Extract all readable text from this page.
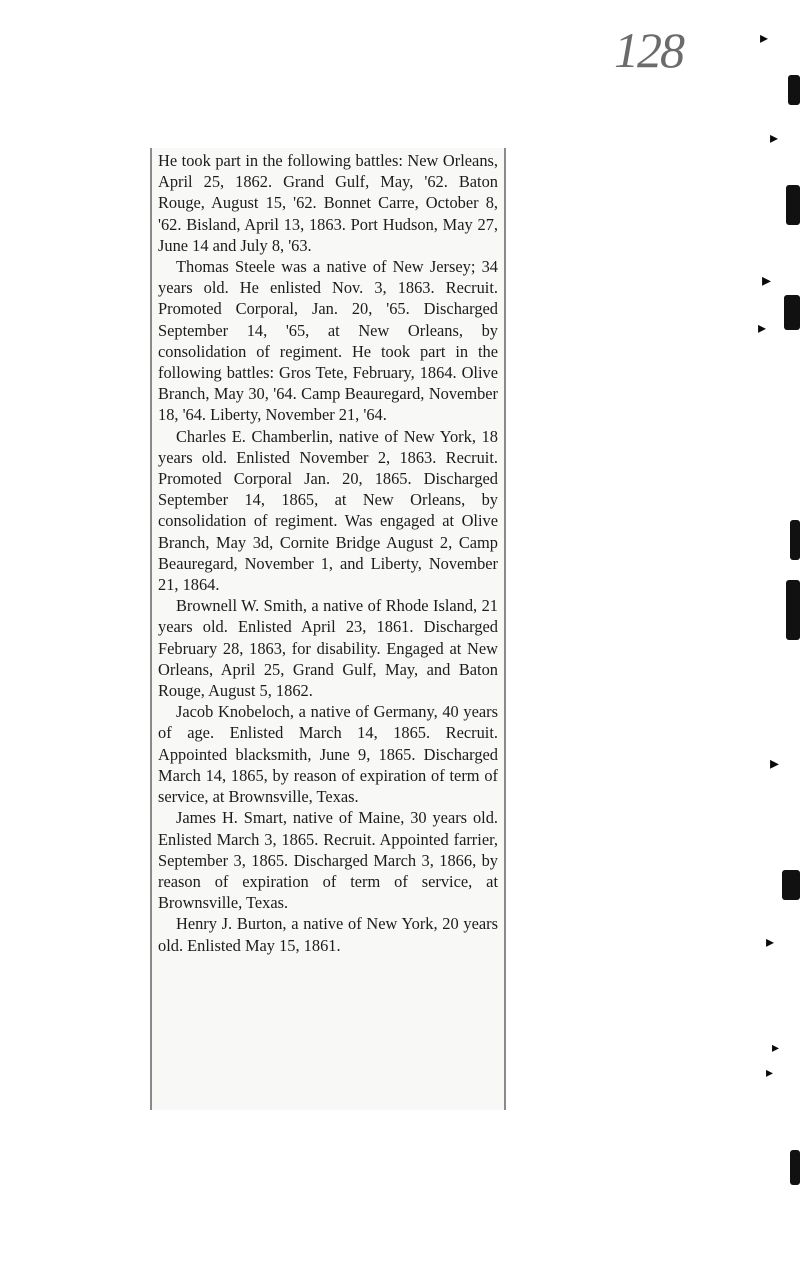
128

He took part in the following battles: New Orleans, April 25, 1862. Grand Gulf, May, '62. Baton Rouge, August 15, '62. Bonnet Carre, October 8, '62. Bisland, April 13, 1863. Port Hudson, May 27, June 14 and July 8, '63.

Thomas Steele was a native of New Jersey; 34 years old. He enlisted Nov. 3, 1863. Recruit. Promoted Corporal, Jan. 20, '65. Discharged September 14, '65, at New Orleans, by consolidation of regiment. He took part in the following battles: Gros Tete, February, 1864. Olive Branch, May 30, '64. Camp Beauregard, November 18, '64. Liberty, November 21, '64.

Charles E. Chamberlin, native of New York, 18 years old. Enlisted November 2, 1863. Recruit. Promoted Corporal Jan. 20, 1865. Discharged September 14, 1865, at New Orleans, by consolidation of regiment. Was engaged at Olive Branch, May 3d, Cornite Bridge August 2, Camp Beauregard, November 1, and Liberty, November 21, 1864.

Brownell W. Smith, a native of Rhode Island, 21 years old. Enlisted April 23, 1861. Discharged February 28, 1863, for disability. Engaged at New Orleans, April 25, Grand Gulf, May, and Baton Rouge, August 5, 1862.

Jacob Knobeloch, a native of Germany, 40 years of age. Enlisted March 14, 1865. Recruit. Appointed blacksmith, June 9, 1865. Discharged March 14, 1865, by reason of expiration of term of service, at Brownsville, Texas.

James H. Smart, native of Maine, 30 years old. Enlisted March 3, 1865. Recruit. Appointed farrier, September 3, 1865. Discharged March 3, 1866, by reason of expiration of term of service, at Brownsville, Texas.

Henry J. Burton, a native of New York, 20 years old. Enlisted May 15, 1861.

▸
▸
▸
▸
▸
▸
▸
▸
